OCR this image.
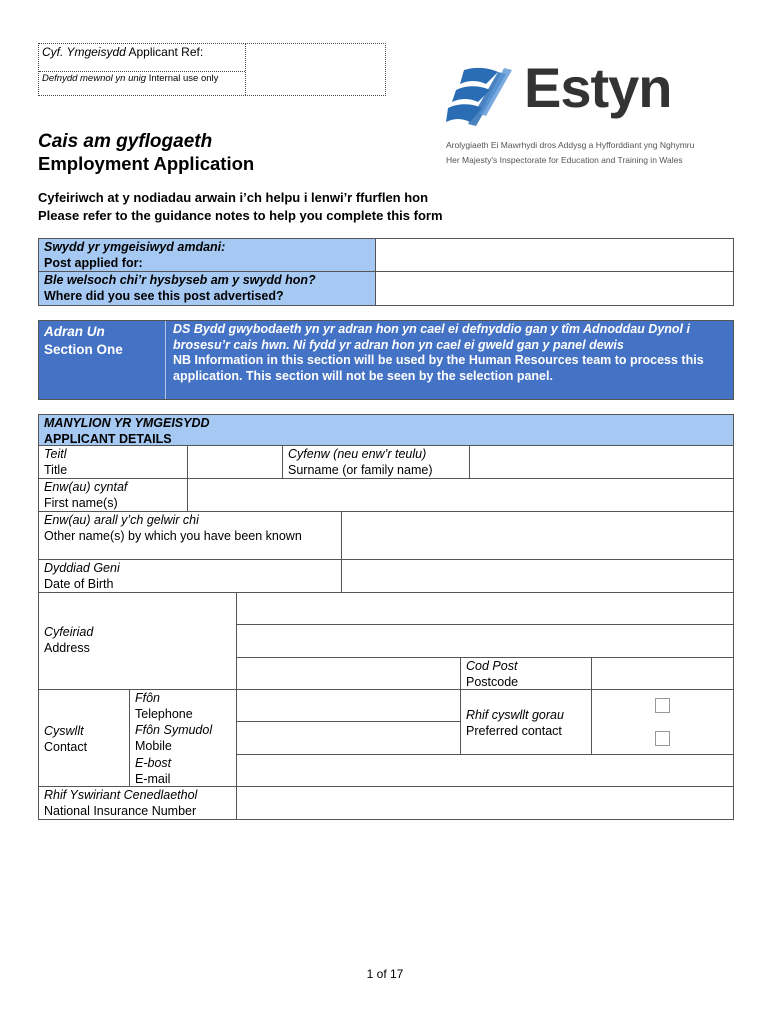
Cyf. Ymgeisydd Applicant Ref:
Defnydd mewnol yn unig Internal use only	Estyn
Arolygiaeth Ei Mawrhydi dros Addysg a Hyfforddiant yng Nghymru
Her Majesty's Inspectorate for Education and Training in Wales
Cais am gyflogaeth
Employment Application
Cyfeiriwch at y nodiadau arwain i’ch helpu i lenwi’r ffurflen hon
Please refer to the guidance notes to help you complete this form
Swydd yr ymgeisiwyd amdani:
Post applied for:
Ble welsoch chi’r hysbyseb am y swydd hon?
Where did you see this post advertised?
Adran Un
Section One
DS Bydd gwybodaeth yn yr adran hon yn cael ei defnyddio gan y tîm Adnoddau Dynol i brosesu’r cais hwn. Ni fydd yr adran hon yn cael ei gweld gan y panel dewis
NB Information in this section will be used by the Human Resources team to process this application. This section will not be seen by the selection panel.
MANYLION YR YMGEISYDD
APPLICANT DETAILS
Teitl
Title
Cyfenw (neu enw’r teulu)
Surname (or family name)
Enw(au) cyntaf
First name(s)
Enw(au) arall y’ch gelwir chi
Other name(s) by which you have been known
Dyddiad Geni
Date of Birth
Cyfeiriad
Address
Cod Post
Postcode
Cyswllt
Contact
Ffôn
Telephone
Ffôn Symudol
Mobile
Rhif cyswllt gorau
Preferred contact
E-bost
E-mail
Rhif Yswiriant Cenedlaethol
National Insurance Number
1 of 17
